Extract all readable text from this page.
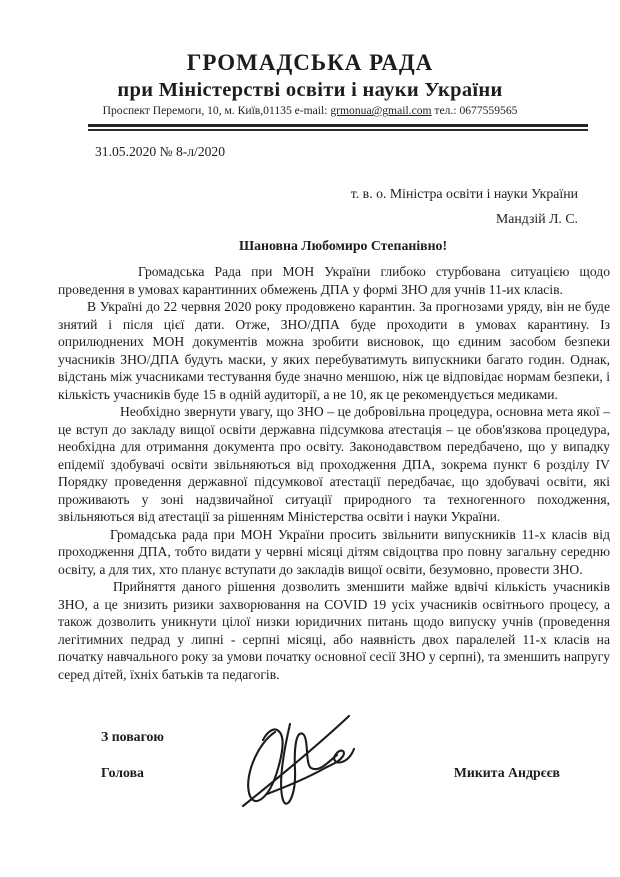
ГРОМАДСЬКА РАДА
при Міністерстві освіти і науки України
Проспект Перемоги, 10, м. Київ,01135 e-mail: grmonua@gmail.com тел.: 0677559565
31.05.2020 № 8-л/2020
т. в. о. Міністра освіти і науки України
Мандзій Л. С.
Шановна Любомиро Степанівно!

Громадська Рада при МОН України глибоко стурбована ситуацією щодо проведення в умовах карантинних обмежень ДПА у формі ЗНО для учнів 11-их класів.

В Україні до 22 червня 2020 року продовжено карантин. За прогнозами уряду, він не буде знятий і після цієї дати. Отже, ЗНО/ДПА буде проходити в умовах карантину. Із оприлюднених МОН документів можна зробити висновок, що єдиним засобом безпеки учасників ЗНО/ДПА будуть маски, у яких перебуватимуть випускники багато годин. Однак, відстань між учасниками тестування буде значно меншою, ніж це відповідає нормам безпеки, і кількість учасників буде 15 в одній аудиторії, а не 10, як це рекомендується медиками.

Необхідно звернути увагу, що ЗНО – це добровільна процедура, основна мета якої – це вступ до закладу вищої освіти державна підсумкова атестація – це обов'язкова процедура, необхідна для отримання документа про освіту. Законодавством передбачено, що у випадку епідемії здобувачі освіти звільняються від проходження ДПА, зокрема пункт 6 розділу IV Порядку проведення державної підсумкової атестації передбачає, що здобувачі освіти, які проживають у зоні надзвичайної ситуації природного та техногенного походження, звільняються від атестації за рішенням Міністерства освіти і науки України.

Громадська рада при МОН України просить звільнити випускників 11-х класів від проходження ДПА, тобто видати у червні місяці дітям свідоцтва про повну загальну середню освіту, а для тих, хто планує вступати до закладів вищої освіти, безумовно, провести ЗНО.

Прийняття даного рішення дозволить зменшити майже вдвічі кількість учасників ЗНО, а це знизить ризики захворювання на COVID 19 усіх учасників освітнього процесу, а також дозволить уникнути цілої низки юридичних питань щодо випуску учнів (проведення легітимних педрад у липні - серпні місяці, або наявність двох паралелей 11-х класів на початку навчального року за умови початку основної сесії ЗНО у серпні), та зменшить напругу серед дітей, їхніх батьків та педагогів.

З повагою
Голова	Микита Андрєєв
